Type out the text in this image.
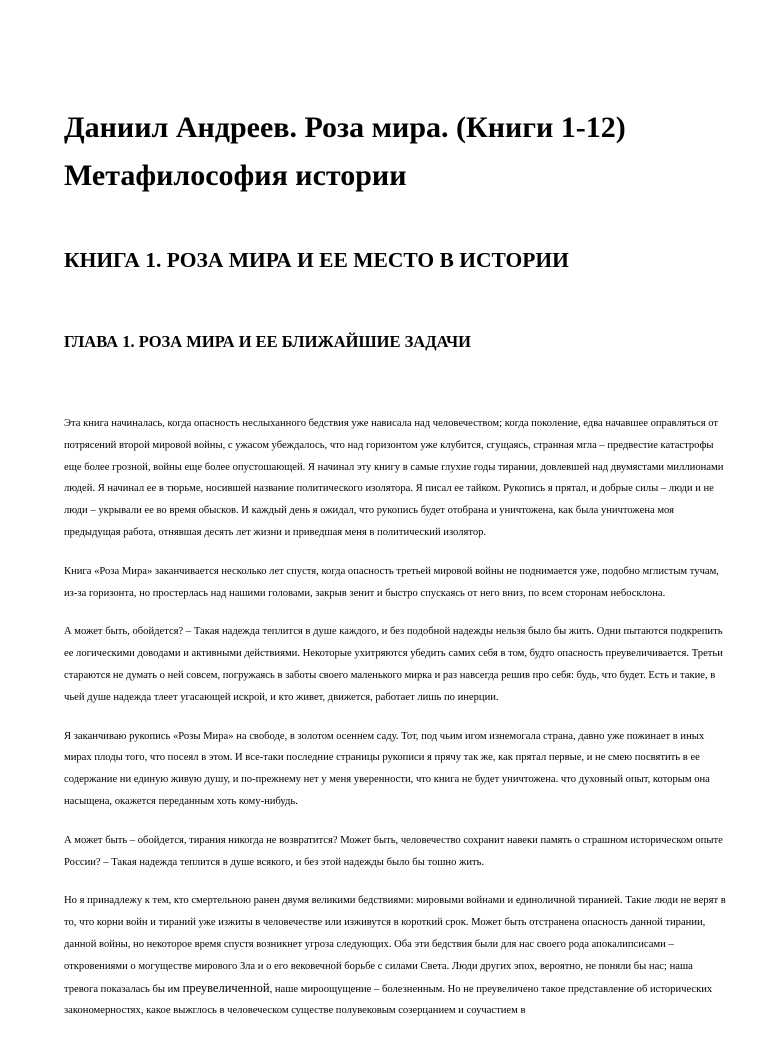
Даниил Андреев. Роза мира. (Книги 1-12)
Метафилософия истории
КНИГА 1. РОЗА МИРА И ЕЕ МЕСТО В ИСТОРИИ
ГЛАВА 1. РОЗА МИРА И ЕЕ БЛИЖАЙШИЕ ЗАДАЧИ

Эта книга начиналась, когда опасность неслыханного бедствия уже нависала над человечеством; когда поколение, едва начавшее оправляться от потрясений второй мировой войны, с ужасом убеждалось, что над горизонтом уже клубится, сгущаясь, странная мгла – предвестие катастрофы еще более грозной, войны еще более опустошающей. Я начинал эту книгу в самые глухие годы тирании, довлевшей над двумястами миллионами людей. Я начинал ее в тюрьме, носившей название политического изолятора. Я писал ее тайком. Рукопись я прятал, и добрые силы – люди и не люди – укрывали ее во время обысков. И каждый день я ожидал, что рукопись будет отобрана и уничтожена, как была уничтожена моя предыдущая работа, отнявшая десять лет жизни и приведшая меня в политический изолятор.

Книга «Роза Мира» заканчивается несколько лет спустя, когда опасность третьей мировой войны не поднимается уже, подобно мглистым тучам, из-за горизонта, но простерлась над нашими головами, закрыв зенит и быстро спускаясь от него вниз, по всем сторонам небосклона.

А может быть, обойдется? – Такая надежда теплится в душе каждого, и без подобной надежды нельзя было бы жить. Одни пытаются подкрепить ее логическими доводами и активными действиями. Некоторые ухитряются убедить самих себя в том, будто опасность преувеличивается. Третьи стараются не думать о ней совсем, погружаясь в заботы своего маленького мирка и раз навсегда решив про себя: будь, что будет. Есть и такие, в чьей душе надежда тлеет угасающей искрой, и кто живет, движется, работает лишь по инерции.

Я заканчиваю рукопись «Розы Мира» на свободе, в золотом осеннем саду. Тот, под чьим игом изнемогала страна, давно уже пожинает в иных мирах плоды того, что посеял в этом. И все-таки последние страницы рукописи я прячу так же, как прятал первые, и не смею посвятить в ее содержание ни единую живую душу, и по-прежнему нет у меня уверенности, что книга не будет уничтожена. что духовный опыт, которым она насыщена, окажется переданным хоть кому-нибудь.

А может быть – обойдется, тирания никогда не возвратится? Может быть, человечество сохранит навеки память о страшном историческом опыте России? – Такая надежда теплится в душе всякого, и без этой надежды было бы тошно жить.

Но я принадлежу к тем, кто смертельною ранен двумя великими бедствиями: мировыми войнами и единоличной тиранией. Такие люди не верят в то, что корни войн и тираний уже изжиты в человечестве или изживутся в короткий срок. Может быть отстранена опасность данной тирании, данной войны, но некоторое время спустя возникнет угроза следующих. Оба эти бедствия были для нас своего рода апокалипсисами – откровениями о могуществе мирового Зла и о его вековечной борьбе с силами Света. Люди других эпох, вероятно, не поняли бы нас; наша тревога показалась бы им преувеличенной, наше мироощущение – болезненным. Но не преувеличено такое представление об исторических закономерностях, какое выжглось в человеческом существе полувековым созерцанием и соучастием в
